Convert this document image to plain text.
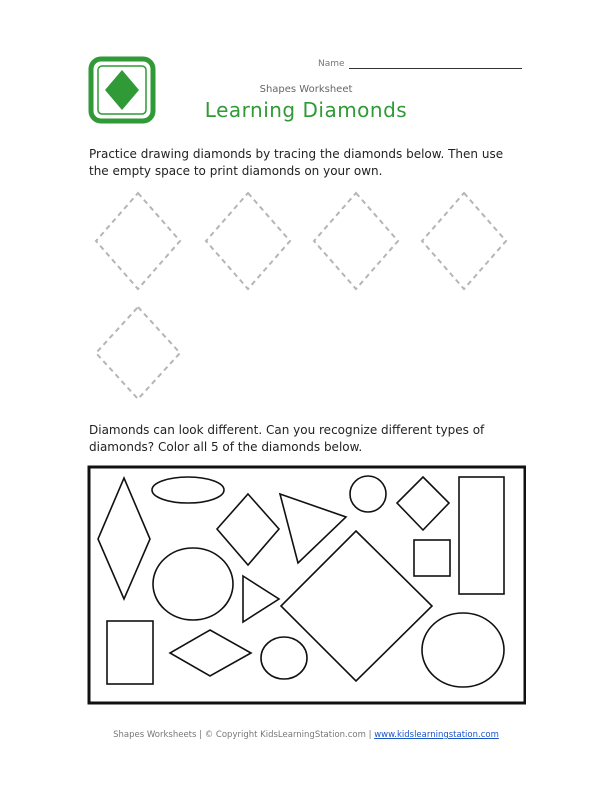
Name
Shapes Worksheet
Learning Diamonds
Practice drawing diamonds by tracing the diamonds below. Then use the empty space to print diamonds on your own.
Diamonds can look different. Can you recognize different types of diamonds? Color all 5 of the diamonds below.
Shapes Worksheets | © Copyright KidsLearningStation.com | www.kidslearningstation.com
